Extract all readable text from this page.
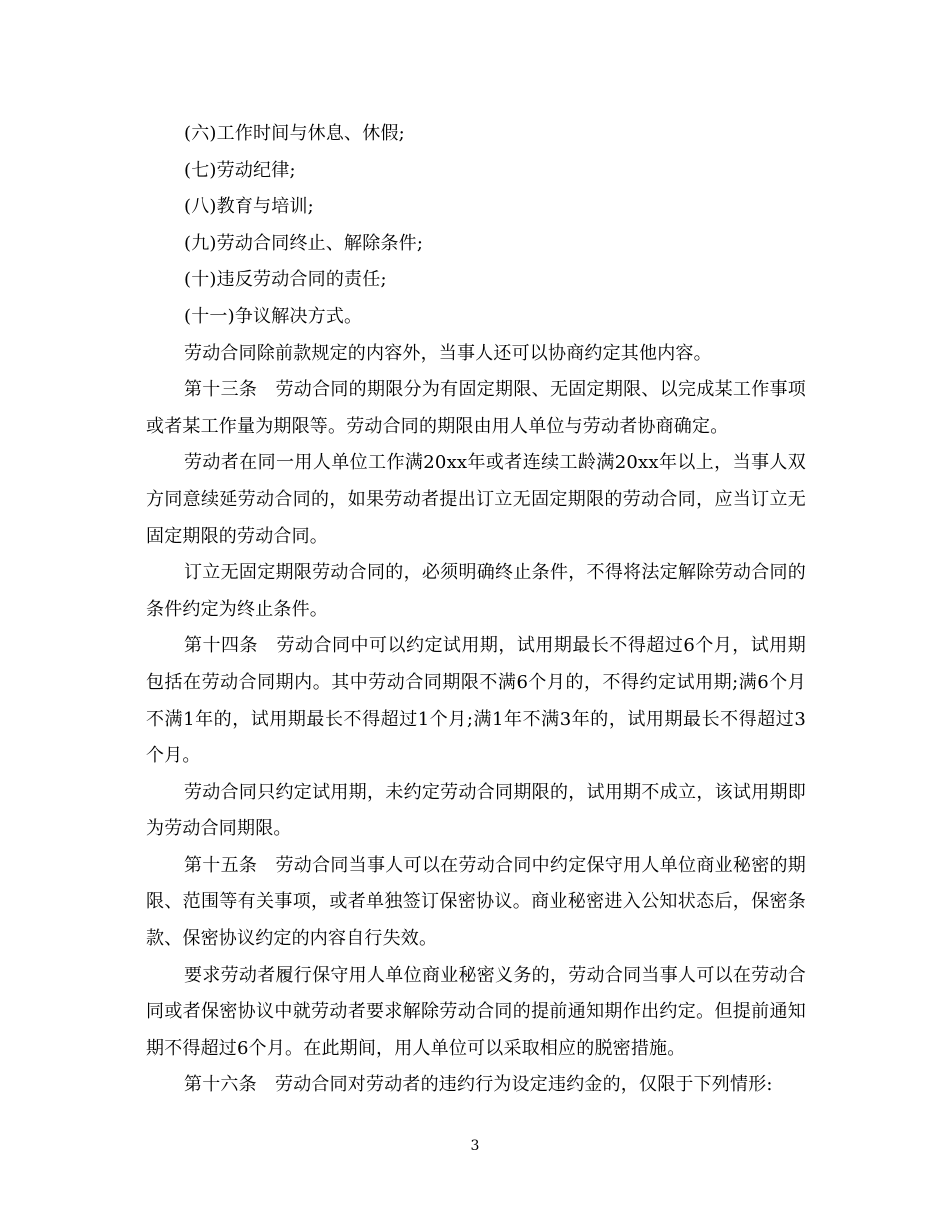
(六)工作时间与休息、休假;

(七)劳动纪律;

(八)教育与培训;

(九)劳动合同终止、解除条件;

(十)违反劳动合同的责任;

(十一)争议解决方式。

劳动合同除前款规定的内容外，当事人还可以协商约定其他内容。

第十三条　劳动合同的期限分为有固定期限、无固定期限、以完成某工作事项或者某工作量为期限等。劳动合同的期限由用人单位与劳动者协商确定。

劳动者在同一用人单位工作满20xx年或者连续工龄满20xx年以上，当事人双方同意续延劳动合同的，如果劳动者提出订立无固定期限的劳动合同，应当订立无固定期限的劳动合同。

订立无固定期限劳动合同的，必须明确终止条件，不得将法定解除劳动合同的条件约定为终止条件。

第十四条　劳动合同中可以约定试用期，试用期最长不得超过6个月，试用期包括在劳动合同期内。其中劳动合同期限不满6个月的，不得约定试用期;满6个月不满1年的，试用期最长不得超过1个月;满1年不满3年的，试用期最长不得超过3个月。

劳动合同只约定试用期，未约定劳动合同期限的，试用期不成立，该试用期即为劳动合同期限。

第十五条　劳动合同当事人可以在劳动合同中约定保守用人单位商业秘密的期限、范围等有关事项，或者单独签订保密协议。商业秘密进入公知状态后，保密条款、保密协议约定的内容自行失效。

要求劳动者履行保守用人单位商业秘密义务的，劳动合同当事人可以在劳动合同或者保密协议中就劳动者要求解除劳动合同的提前通知期作出约定。但提前通知期不得超过6个月。在此期间，用人单位可以采取相应的脱密措施。

第十六条　劳动合同对劳动者的违约行为设定违约金的，仅限于下列情形:

3
